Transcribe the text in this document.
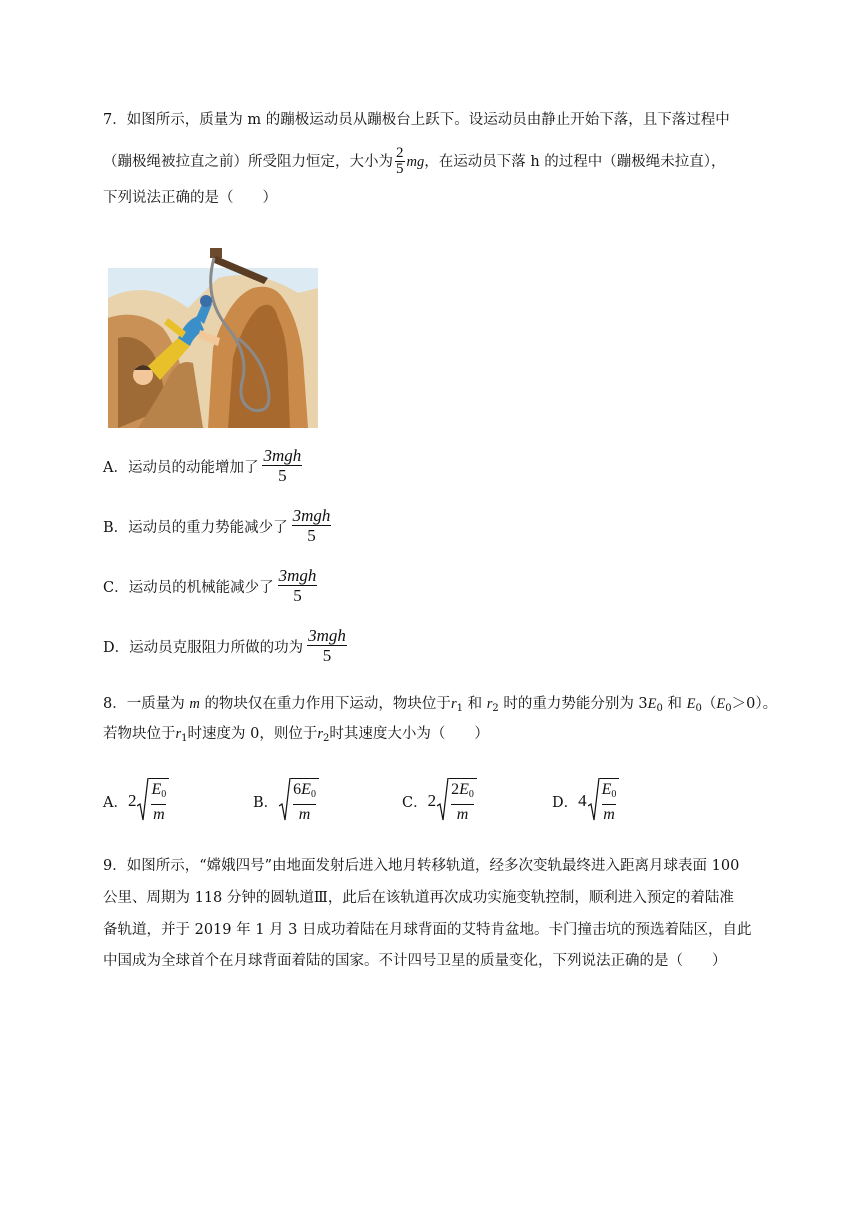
7．如图所示，质量为 m 的蹦极运动员从蹦极台上跃下。设运动员由静止开始下落，且下落过程中
（蹦极绳被拉直之前）所受阻力恒定，大小为 $\frac{2}{5}$ mg ，在运动员下落 h 的过程中（蹦极绳未拉直），
下列说法正确的是（　　）
A．运动员的动能增加了 $\frac{\text{3mgh}}{5}$
B．运动员的重力势能减少了 $\frac{\text{3mgh}}{5}$
C．运动员的机械能减少了 $\frac{\text{3mgh}}{5}$
D．运动员克服阻力所做的功为 $\frac{\text{3mgh}}{5}$
8．一质量为 m 的物块仅在重力作用下运动，物块位于$r_1$ 和 $r_2$ 时的重力势能分别为 $3E_0$ 和 $E_0(E_0>0)$。
若物块位于$r_1$时速度为 0，则位于$r_2$时其速度大小为（　　）
A． 2
$E_0$
m
B．
$6E_0$
m
C． 2
$2E_0$
m
D． 4
$E_0$
m
9．如图所示，“嫦娥四号”由地面发射后进入地月转移轨道，经多次变轨最终进入距离月球表面 100
公里、周期为 118 分钟的圆轨道Ⅲ，此后在该轨道再次成功实施变轨控制，顺利进入预定的着陆准
备轨道，并于 2019 年 1 月 3 日成功着陆在月球背面的艾特肯盆地。卡门撞击坑的预选着陆区，自此
中国成为全球首个在月球背面着陆的国家。不计四号卫星的质量变化，下列说法正确的是（　　）
